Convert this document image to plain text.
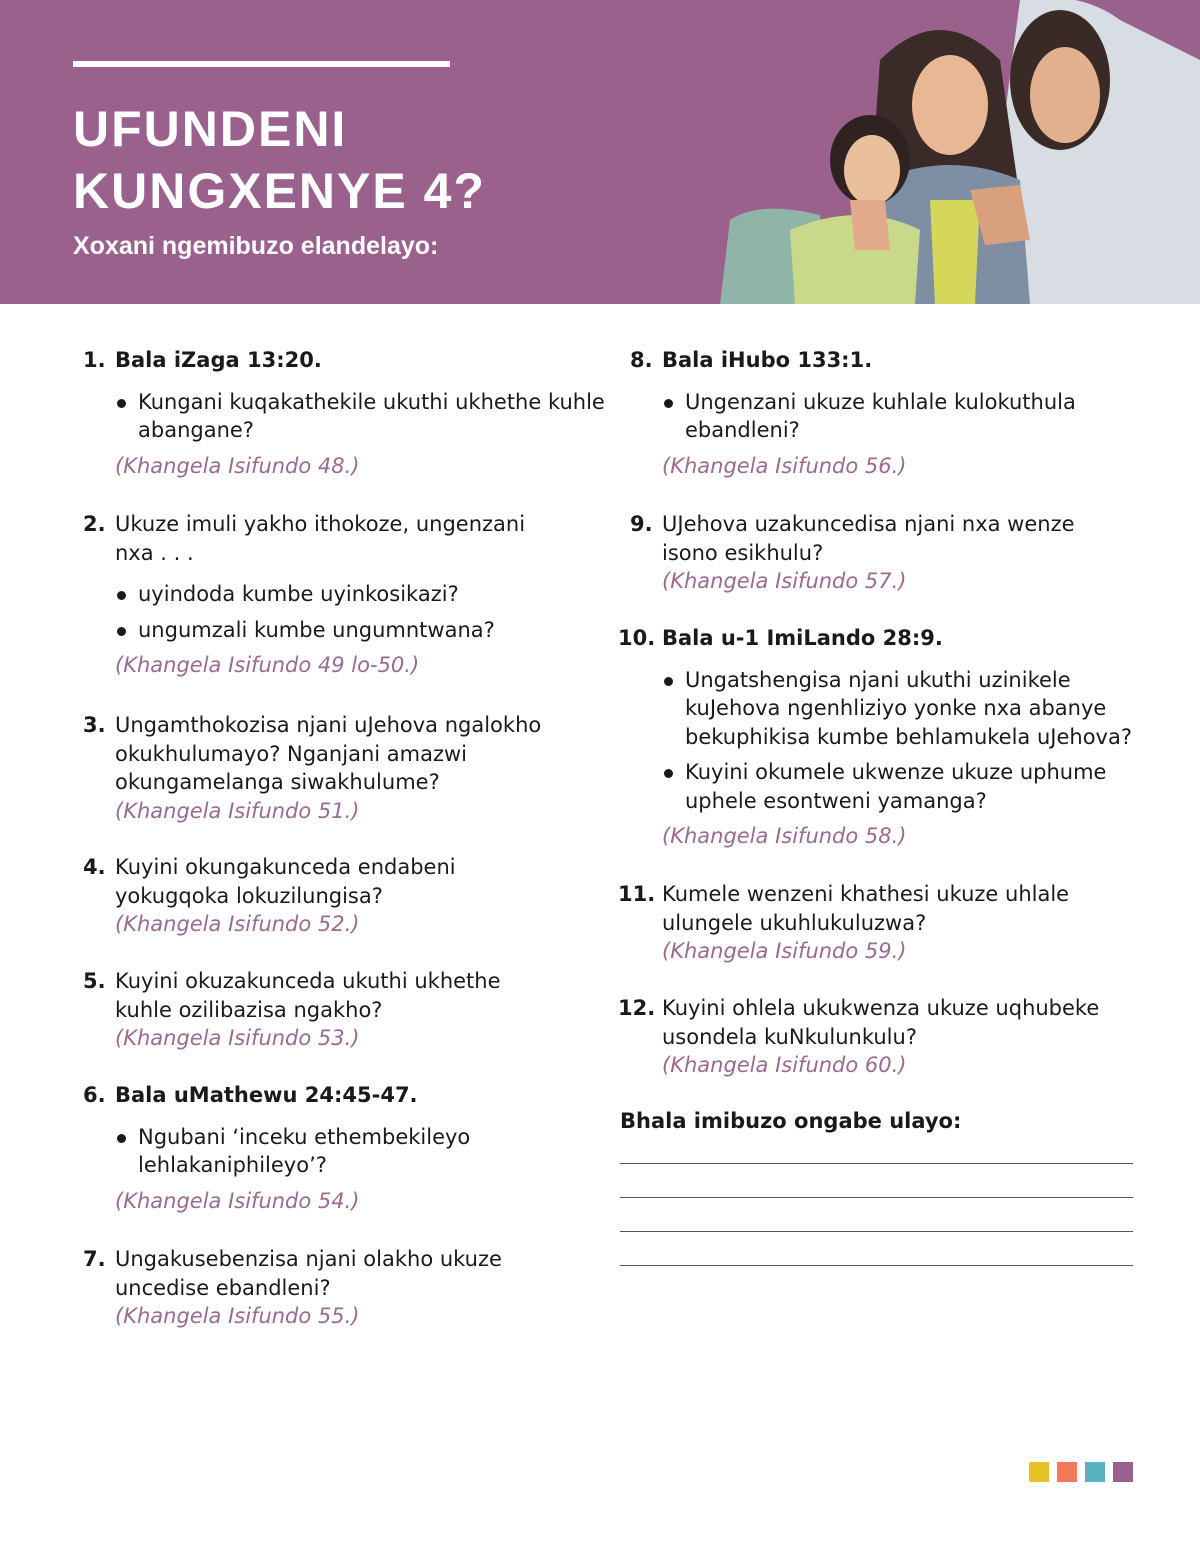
UFUNDENI
KUNGXENYE 4?
Xoxani ngemibuzo elandelayo:
1. Bala iZaga 13:20.
Kungani kuqakathekile ukuthi ukhethe kuhle abangane?
(Khangela Isifundo 48.)
2. Ukuze imuli yakho ithokoze, ungenzani nxa . . .
uyindoda kumbe uyinkosikazi?
ungumzali kumbe ungumntwana?
(Khangela Isifundo 49 lo-50.)
3. Ungamthokozisa njani uJehova ngalokho okukhulumayo? Nganjani amazwi okungamelanga siwakhulume?
(Khangela Isifundo 51.)
4. Kuyini okungakunceda endabeni yokugqoka lokuzilungisa?
(Khangela Isifundo 52.)
5. Kuyini okuzakunceda ukuthi ukhethe kuhle ozilibazisa ngakho?
(Khangela Isifundo 53.)
6. Bala uMathewu 24:45-47.
Ngubani ‘inceku ethembekileyo lehlakaniphileyo’?
(Khangela Isifundo 54.)
7. Ungakusebenzisa njani olakho ukuze uncedise ebandleni?
(Khangela Isifundo 55.)
8. Bala iHubo 133:1.
Ungenzani ukuze kuhlale kulokuthula ebandleni?
(Khangela Isifundo 56.)
9. UJehova uzakuncedisa njani nxa wenze isono esikhulu?
(Khangela Isifundo 57.)
10. Bala u-1 ImiLando 28:9.
Ungatshengisa njani ukuthi uzinikele kuJehova ngenhliziyo yonke nxa abanye bekuphikisa kumbe behlamukela uJehova?
Kuyini okumele ukwenze ukuze uphume uphele esontweni yamanga?
(Khangela Isifundo 58.)
11. Kumele wenzeni khathesi ukuze uhlale ulungele ukuhlukuluzwa?
(Khangela Isifundo 59.)
12. Kuyini ohlela ukukwenza ukuze uqhubeke usondela kuNkulunkulu?
(Khangela Isifundo 60.)
Bhala imibuzo ongabe ulayo:
